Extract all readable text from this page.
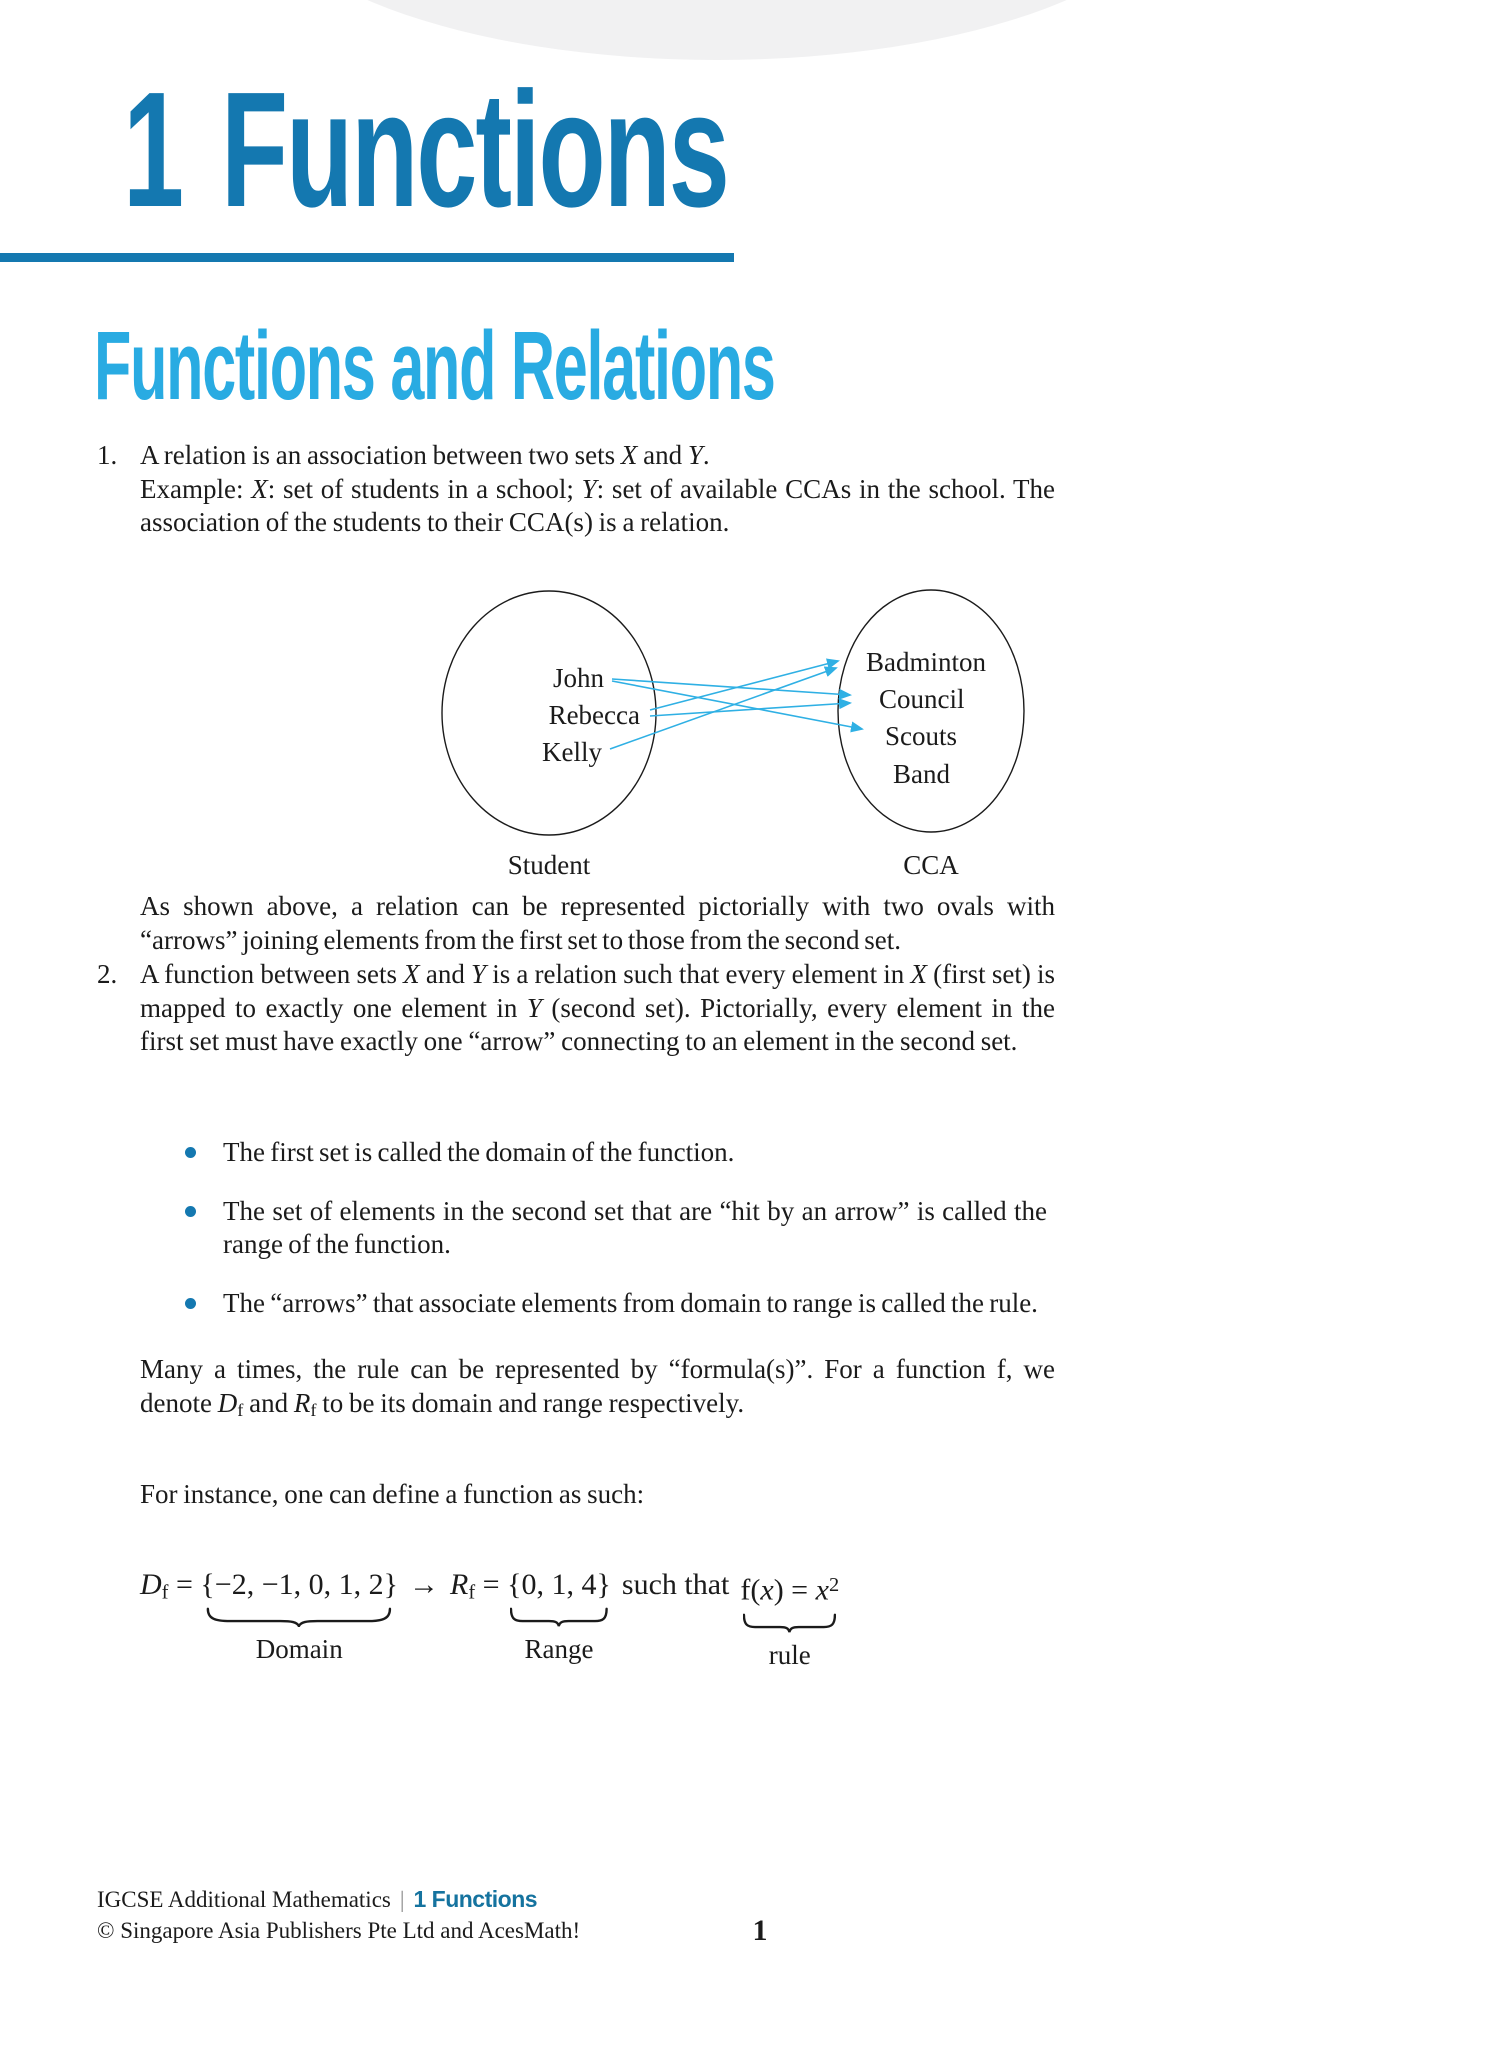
1 Functions
Functions and Relations
1. A relation is an association between two sets X and Y.
Example: X: set of students in a school; Y: set of available CCAs in the school. The association of the students to their CCA(s) is a relation.
John
Rebecca
Kelly
Badminton
Council
Scouts
Band
Student	CCA
As shown above, a relation can be represented pictorially with two ovals with “arrows” joining elements from the first set to those from the second set.
2. A function between sets X and Y is a relation such that every element in X (first set) is mapped to exactly one element in Y (second set). Pictorially, every element in the first set must have exactly one “arrow” connecting to an element in the second set.
The first set is called the domain of the function.
The set of elements in the second set that are “hit by an arrow” is called the range of the function.
The “arrows” that associate elements from domain to range is called the rule.
Many a times, the rule can be represented by “formula(s)”. For a function f, we denote Df and Rf to be its domain and range respectively.
For instance, one can define a function as such:
Df = {−2, −1, 0, 1, 2}
Domain
→ Rf = {0, 1, 4}
Range
such that $f(x) = x^2$
rule
IGCSE Additional Mathematics | 1 Functions
© Singapore Asia Publishers Pte Ltd and AcesMath!	1
